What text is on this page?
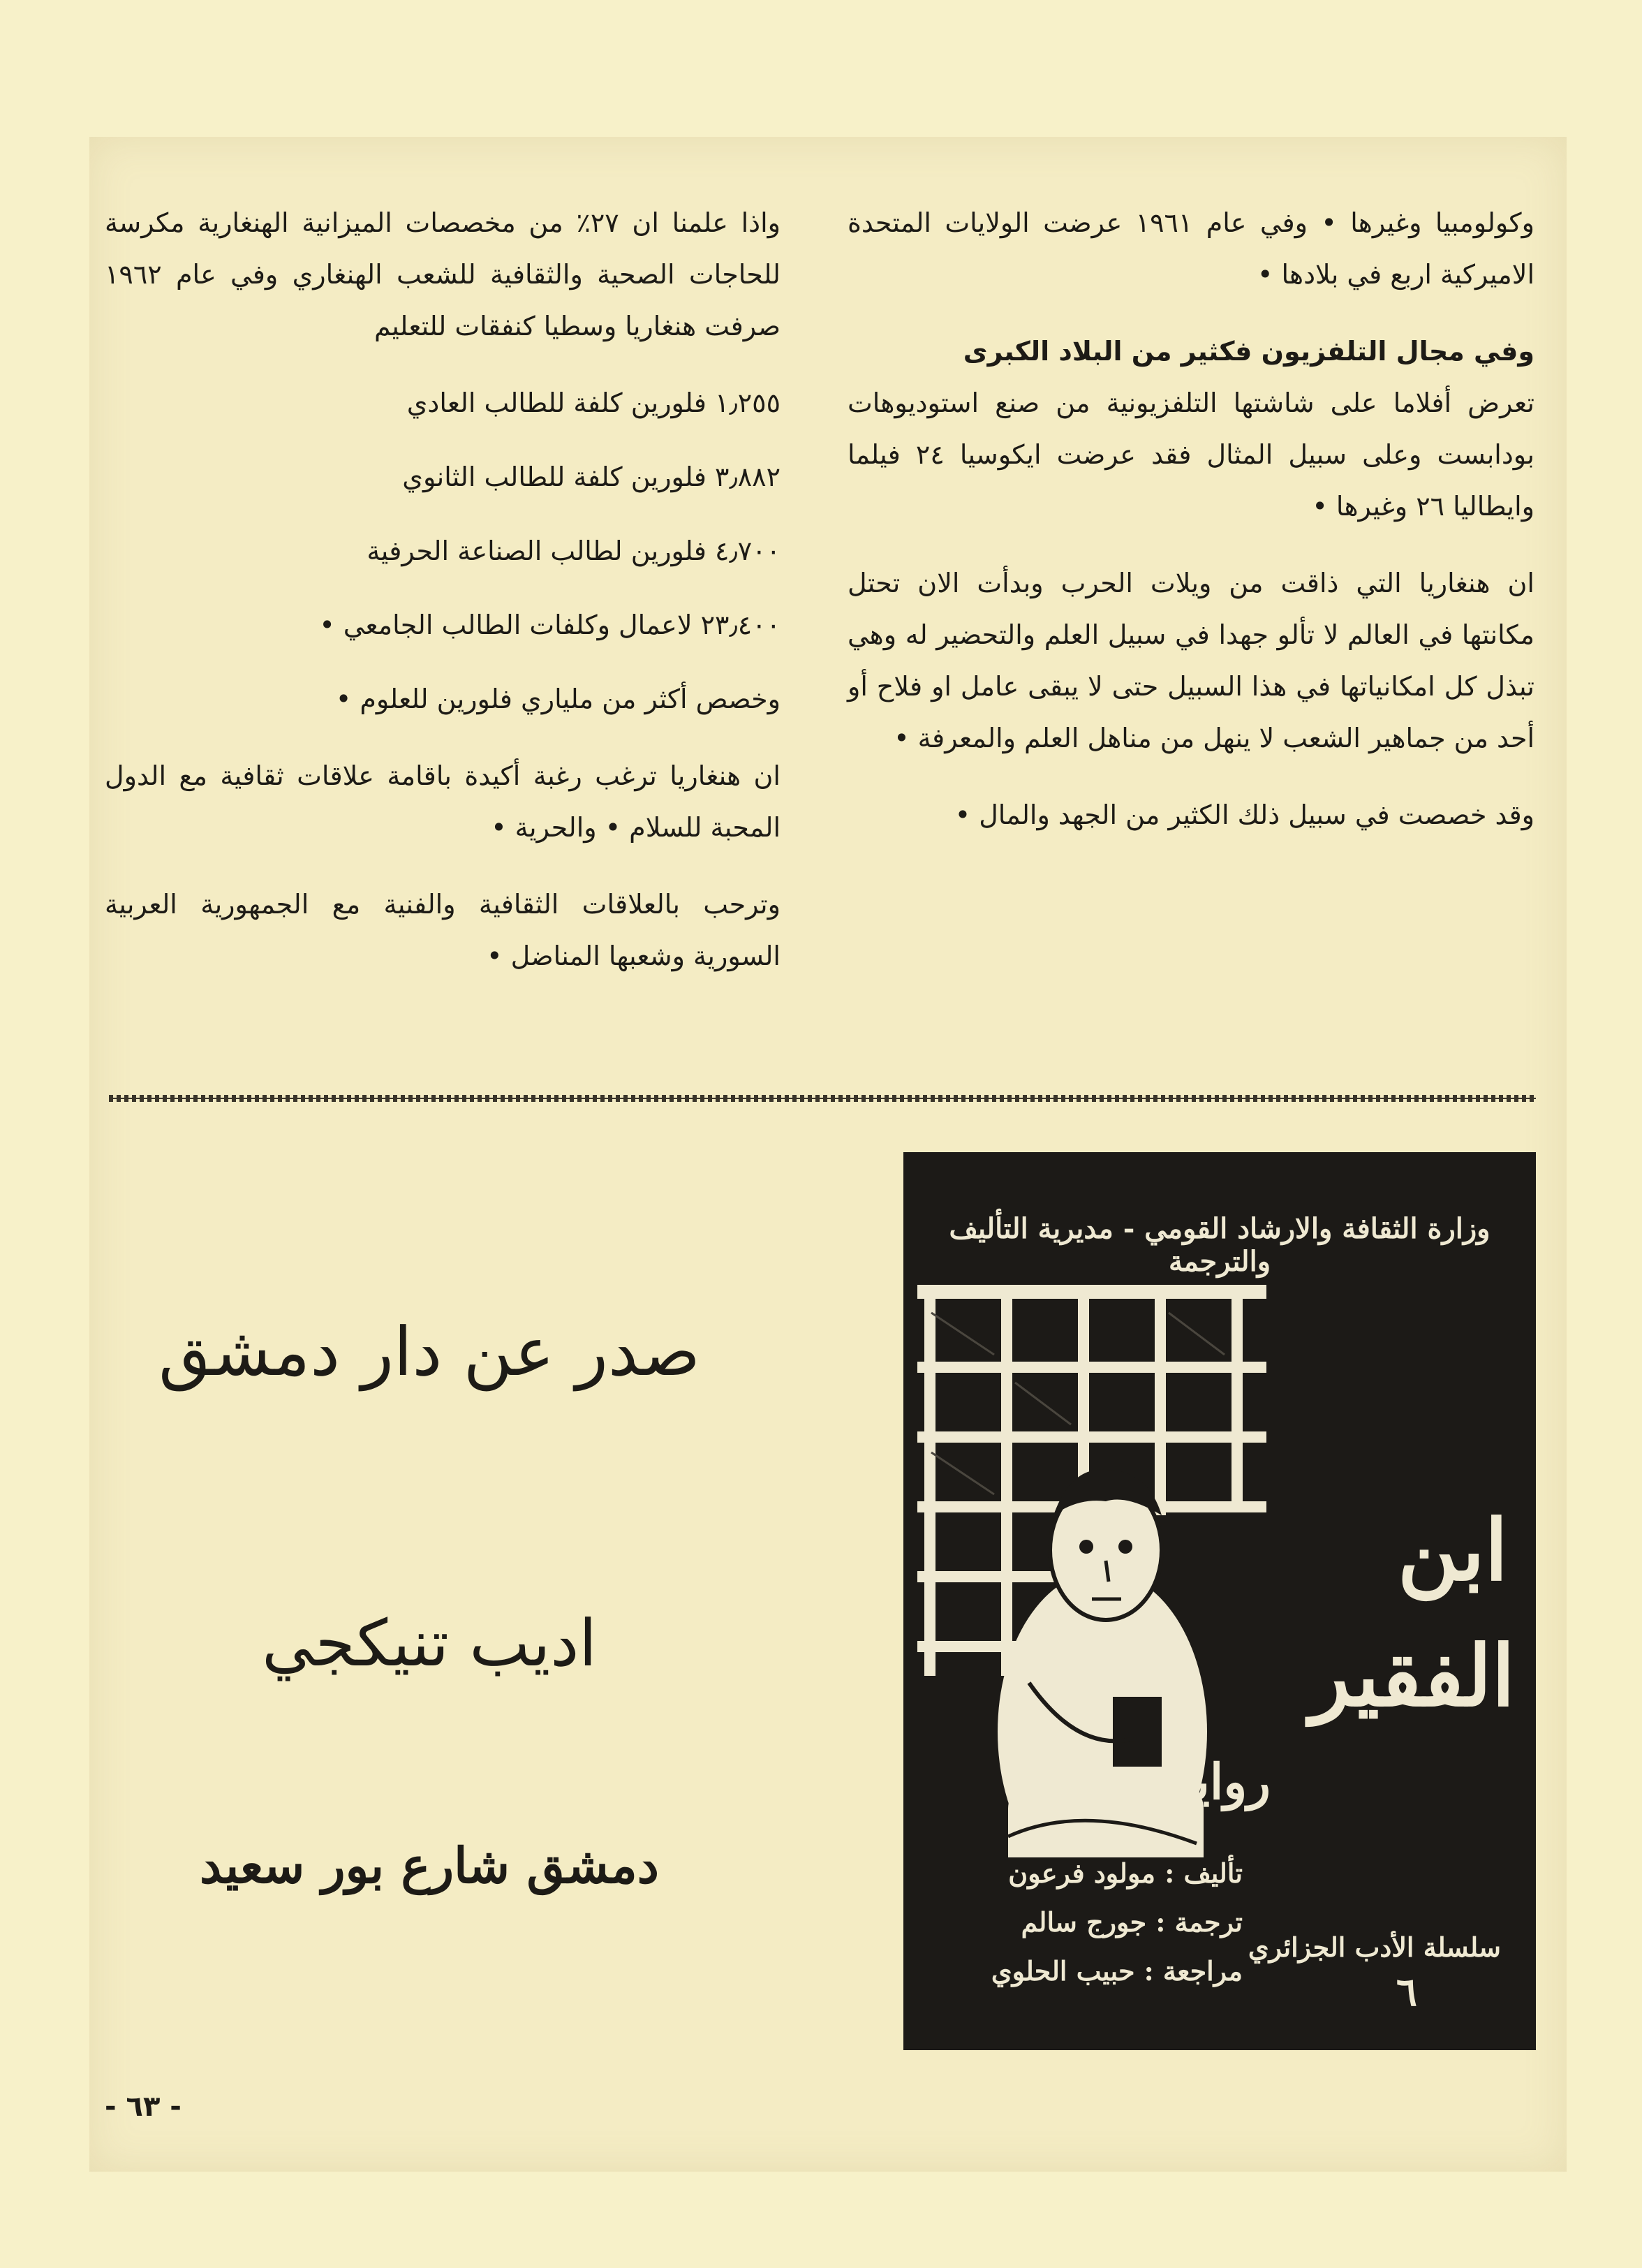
وكولومبيا وغيرها • وفي عام ١٩٦١ عرضت الولايات المتحدة الاميركية اربع في بلادها •

وفي مجال التلفزيون فكثير من البلاد الكبرى

تعرض أفلاما على شاشتها التلفزيونية من صنع استوديوهات بودابست وعلى سبيل المثال فقد عرضت ايكوسيا ٢٤ فيلما وايطاليا ٢٦ وغيرها •

ان هنغاريا التي ذاقت من ويلات الحرب وبدأت الان تحتل مكانتها في العالم لا تألو جهدا في سبيل العلم والتحضير له وهي تبذل كل امكانياتها في هذا السبيل حتى لا يبقى عامل او فلاح أو أحد من جماهير الشعب لا ينهل من مناهل العلم والمعرفة •

وقد خصصت في سبيل ذلك الكثير من الجهد والمال •

واذا علمنا ان ٢٧٪ من مخصصات الميزانية الهنغارية مكرسة للحاجات الصحية والثقافية للشعب الهنغاري وفي عام ١٩٦٢ صرفت هنغاريا وسطيا كنفقات للتعليم

١٫٢٥٥ فلورين كلفة للطالب العادي
٣٫٨٨٢ فلورين كلفة للطالب الثانوي
٤٫٧٠٠ فلورين لطالب الصناعة الحرفية
٢٣٫٤٠٠ لاعمال وكلفات الطالب الجامعي •

وخصص أكثر من ملياري فلورين للعلوم •

ان هنغاريا ترغب رغبة أكيدة باقامة علاقات ثقافية مع الدول المحبة للسلام • والحرية •

وترحب بالعلاقات الثقافية والفنية مع الجمهورية العربية السورية وشعبها المناضل •

صدر عن دار دمشق
اديب تنيكجي
دمشق شارع بور سعيد
وزارة الثقافة والارشاد القومي - مديرية التأليف والترجمة
ابن
الفقير
رواية
تأليف : مولود فرعون
ترجمة : جورج سالم
مراجعة : حبيب الحلوي
سلسلة الأدب الجزائري
٦
- ٦٣ -
